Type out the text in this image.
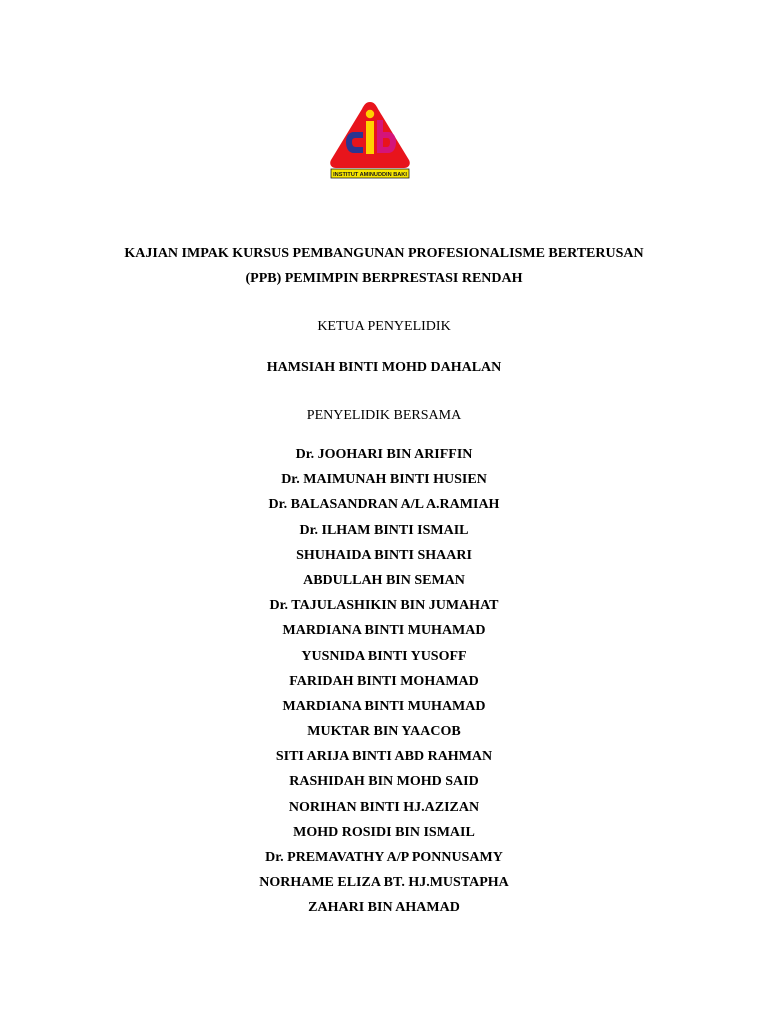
INSTITUT AMINUDDIN BAKI
KAJIAN IMPAK KURSUS PEMBANGUNAN PROFESIONALISME BERTERUSAN
(PPB) PEMIMPIN BERPRESTASI RENDAH
KETUA PENYELIDIK
HAMSIAH BINTI MOHD DAHALAN
PENYELIDIK BERSAMA
Dr. JOOHARI BIN ARIFFIN
Dr. MAIMUNAH BINTI HUSIEN
Dr. BALASANDRAN A/L A.RAMIAH
Dr. ILHAM BINTI ISMAIL
SHUHAIDA BINTI SHAARI
ABDULLAH BIN SEMAN
Dr. TAJULASHIKIN BIN JUMAHAT
MARDIANA BINTI MUHAMAD
YUSNIDA BINTI YUSOFF
FARIDAH BINTI MOHAMAD
MARDIANA BINTI MUHAMAD
MUKTAR BIN YAACOB
SITI ARIJA BINTI ABD RAHMAN
RASHIDAH BIN MOHD SAID
NORIHAN BINTI HJ.AZIZAN
MOHD ROSIDI BIN ISMAIL
Dr. PREMAVATHY A/P PONNUSAMY
NORHAME ELIZA BT. HJ.MUSTAPHA
ZAHARI BIN AHAMAD
